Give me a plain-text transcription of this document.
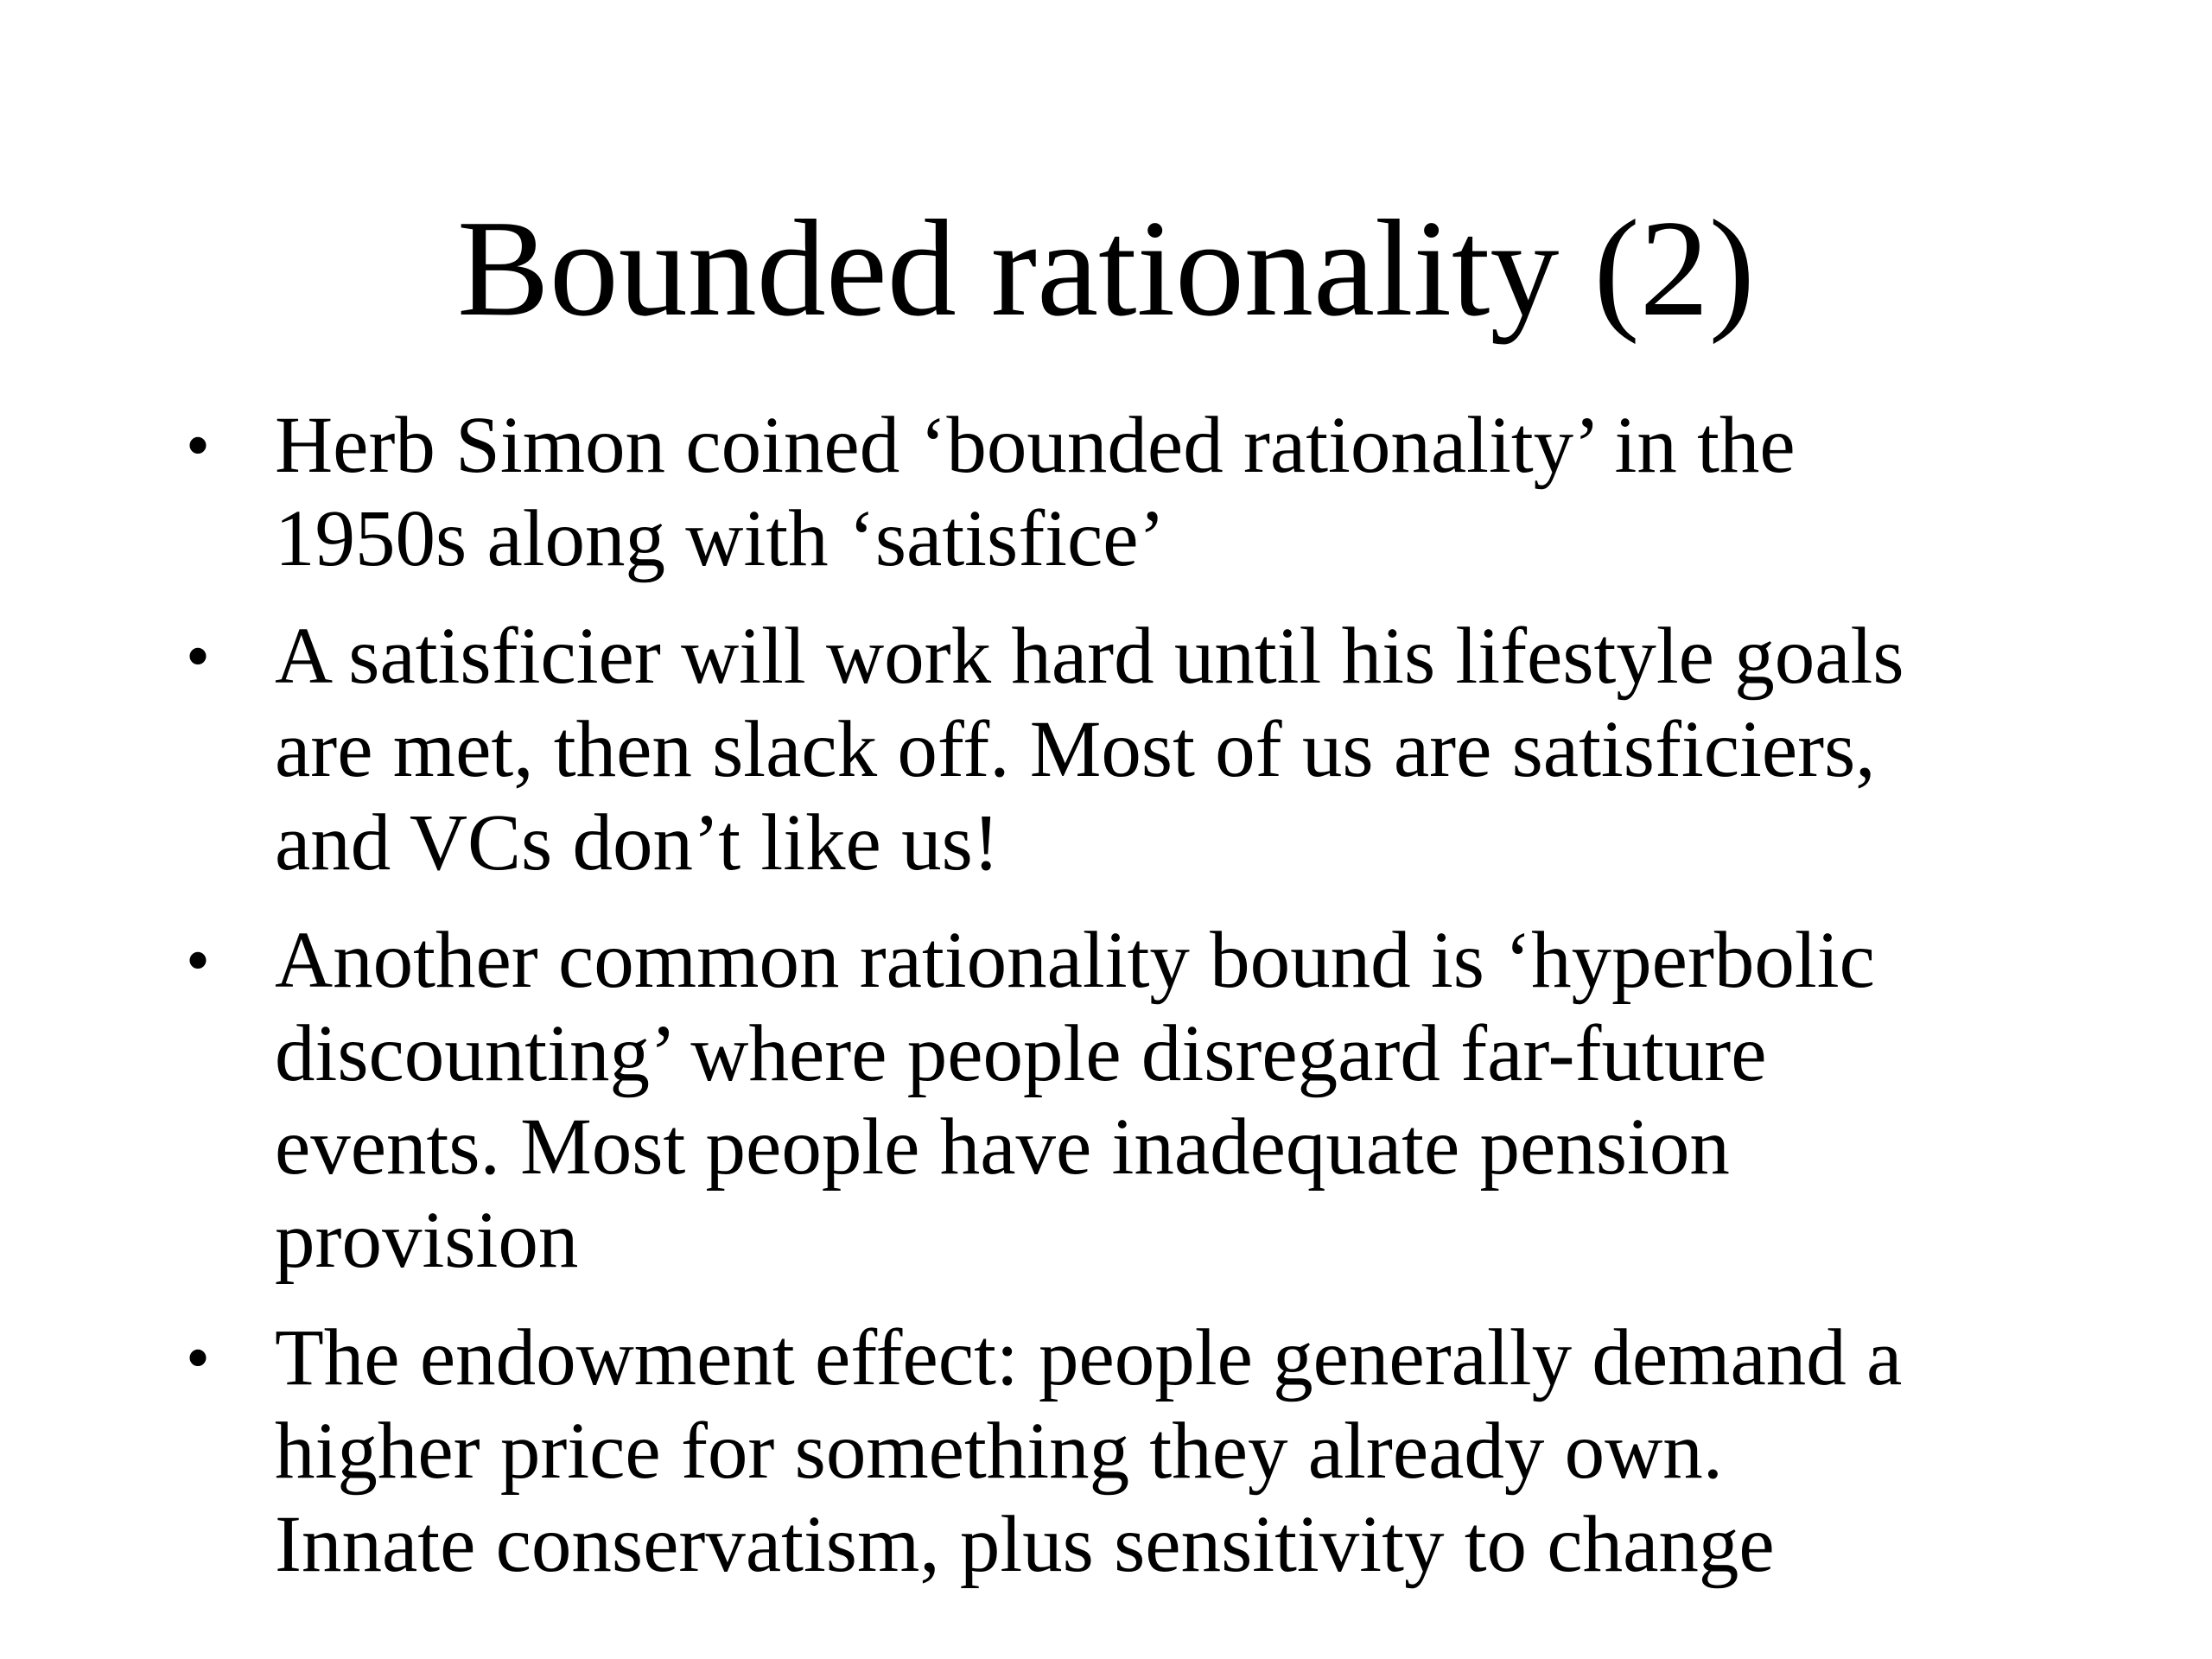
Bounded rationality (2)
• Herb Simon coined ‘bounded rationality’ in the
1950s along with ‘satisfice’
• A satisficier will work hard until his lifestyle goals
are met, then slack off. Most of us are satisficiers,
and VCs don’t like us!
• Another common rationality bound is ‘hyperbolic
discounting’ where people disregard far-future
events. Most people have inadequate pension
provision
• The endowment effect: people generally demand a
higher price for something they already own.
Innate conservatism, plus sensitivity to change
